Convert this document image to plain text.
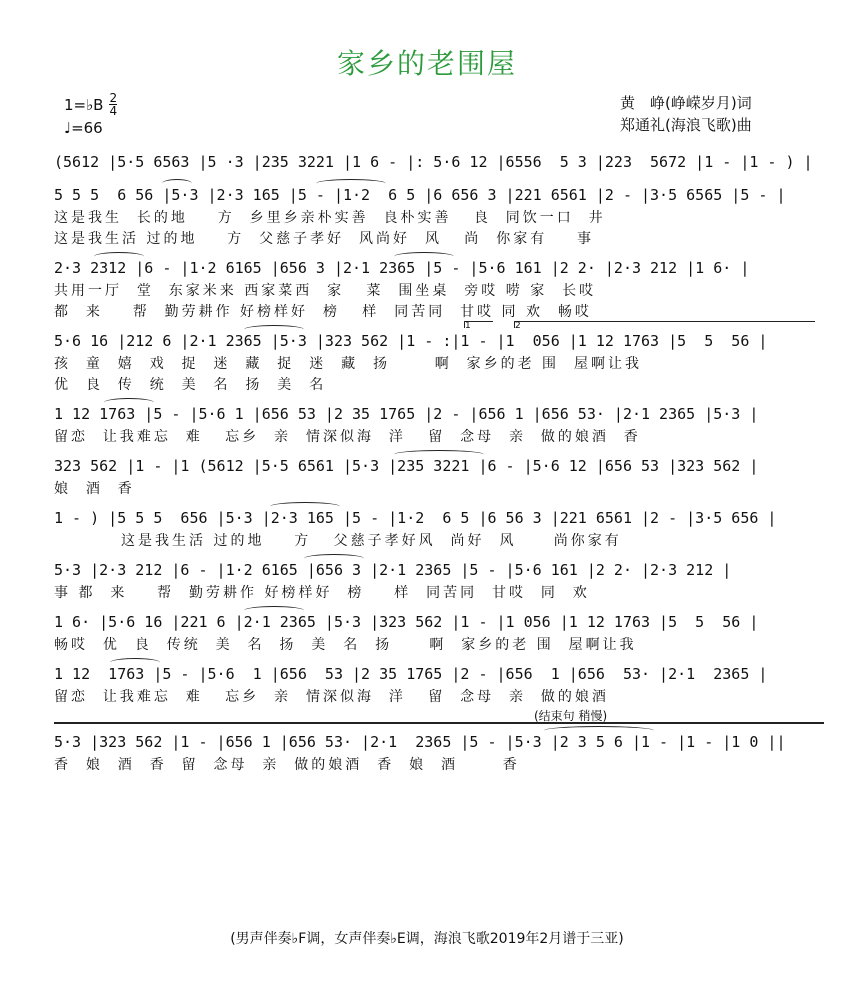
家乡的老围屋
1=♭B $\frac{2}{4}$
♩=66
黄　峥(峥嵘岁月)词
郑通礼(海浪飞歌)曲
(5612 |5·5 6563 |5 ·3 |235 3221 |1 6 - |: 5·6 12 |6556  5 3 |223  5672 |1 - |1 - ) |
5 5 5  6 56 |5·3 |2·3 165 |5 - |1·2  6 5 |6 656 3 |221 6561 |2 - |3·5 6565 |5 - |
这是我生  长的地    方  乡里乡亲朴实善  良朴实善   良  同饮一口  井
这是我生活 过的地    方  父慈子孝好  风尚好  风   尚  你家有    事
2·3 2312 |6 - |1·2 6165 |656 3 |2·1 2365 |5 - |5·6 161 |2 2· |2·3 212 |1 6· |
共用一厅  堂  东家米来 西家菜西  家   菜  围坐桌  旁哎 唠 家  长哎
都  来    帮  勤劳耕作 好榜样好  榜   样  同苦同  甘哎 同 欢  畅哎
1	2
5·6 16 |212 6 |2·1 2365 |5·3 |323 562 |1 - :|1 - |1  056 |1 12 1763 |5  5  56 |
孩  童  嬉  戏  捉  迷  藏  捉  迷  藏  扬      啊  家乡的老 围  屋啊让我
优  良  传  统  美  名  扬  美  名
1 12 1763 |5 - |5·6 1 |656 53 |2 35 1765 |2 - |656 1 |656 53· |2·1 2365 |5·3 |
留恋  让我难忘  难   忘乡  亲  情深似海  洋   留  念母  亲  做的娘酒  香
323 562 |1 - |1 (5612 |5·5 6561 |5·3 |235 3221 |6 - |5·6 12 |656 53 |323 562 |
娘  酒  香
1 - ) |5 5 5  656 |5·3 |2·3 165 |5 - |1·2  6 5 |6 56 3 |221 6561 |2 - |3·5 656 |
这是我生活 过的地    方   父慈子孝好风  尚好  风     尚你家有
5·3 |2·3 212 |6 - |1·2 6165 |656 3 |2·1 2365 |5 - |5·6 161 |2 2· |2·3 212 |
事 都  来    帮  勤劳耕作 好榜样好  榜    样  同苦同  甘哎  同  欢
1 6· |5·6 16 |221 6 |2·1 2365 |5·3 |323 562 |1 - |1 056 |1 12 1763 |5  5  56 |
畅哎  优  良  传统  美  名  扬  美  名  扬     啊  家乡的老 围  屋啊让我
1 12  1763 |5 - |5·6  1 |656  53 |2 35 1765 |2 - |656  1 |656  53· |2·1  2365 |
留恋  让我难忘  难   忘乡  亲  情深似海  洋   留  念母  亲  做的娘酒
(结束句 稍慢)
5·3 |323 562 |1 - |656 1 |656 53· |2·1  2365 |5 - |5·3 |2 3 5 6 |1 - |1 - |1 0 ||
香  娘  酒  香  留  念母  亲  做的娘酒  香  娘  酒      香
(男声伴奏♭F调，女声伴奏♭E调，海浪飞歌2019年2月谱于三亚)
